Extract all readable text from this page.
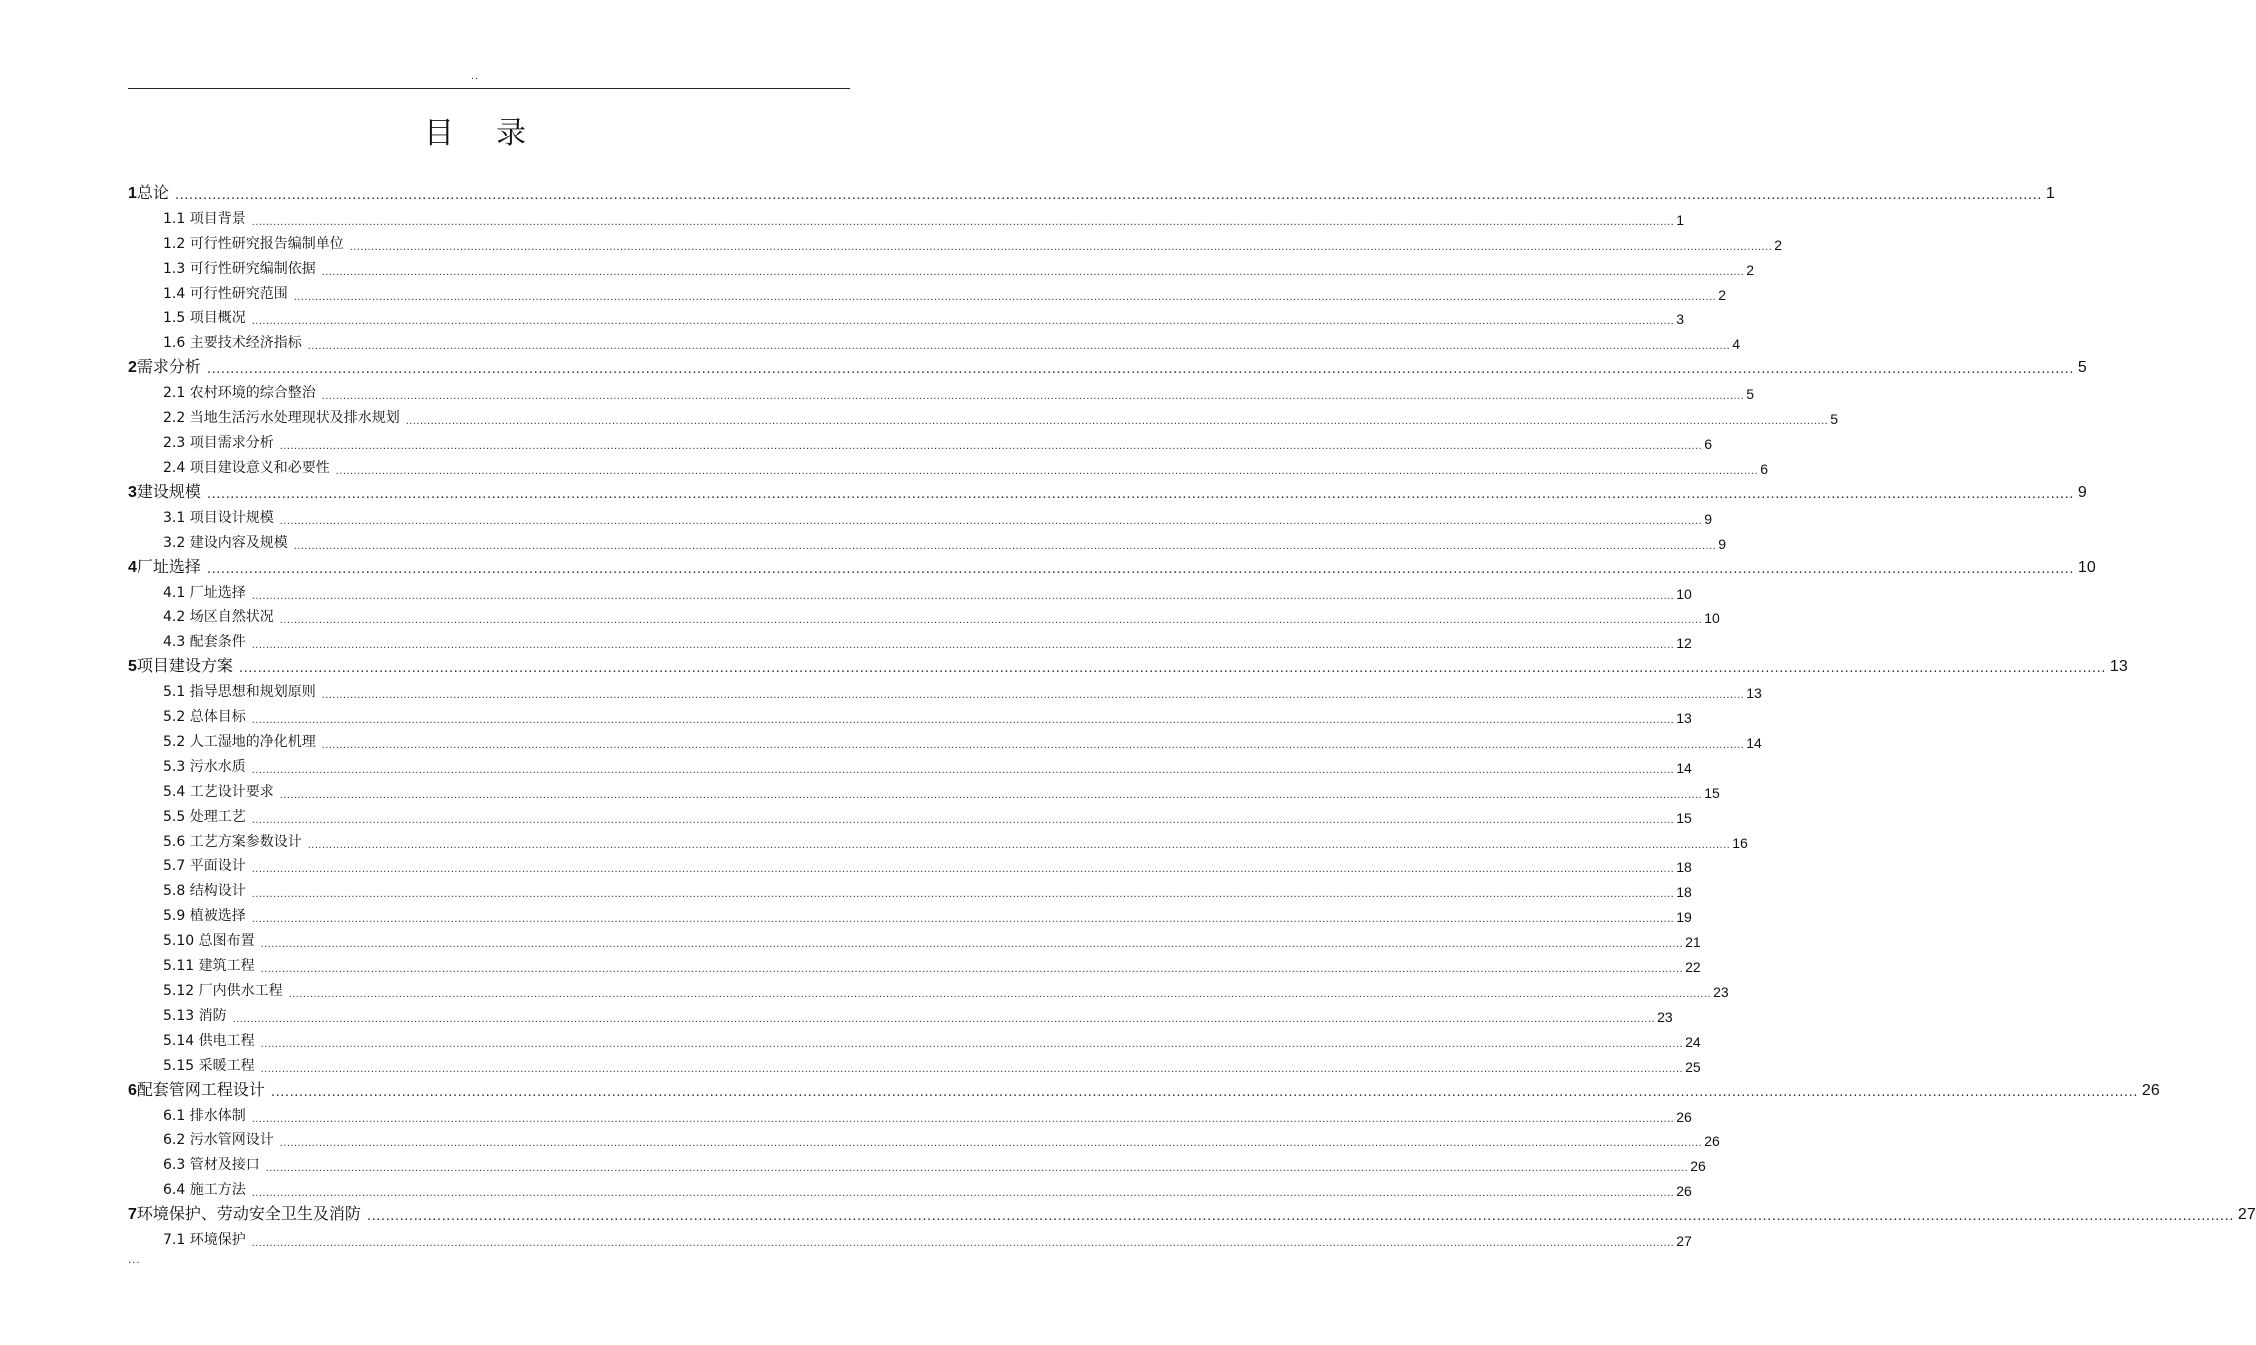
..
目录
1 总论 ................................................................................................................................................................................................................................................................................................................................................................................................................ 1
1.1 项目背景 ................................................................................................................................................................................................................................................................................................................................................................................................................ 1
1.2 可行性研究报告编制单位 ................................................................................................................................................................................................................................................................................................................................................................................................................ 2
1.3 可行性研究编制依据 ................................................................................................................................................................................................................................................................................................................................................................................................................ 2
1.4 可行性研究范围 ................................................................................................................................................................................................................................................................................................................................................................................................................ 2
1.5 项目概况 ................................................................................................................................................................................................................................................................................................................................................................................................................ 3
1.6 主要技术经济指标 ................................................................................................................................................................................................................................................................................................................................................................................................................ 4
2 需求分析 ................................................................................................................................................................................................................................................................................................................................................................................................................ 5
2.1 农村环境的综合整治 ................................................................................................................................................................................................................................................................................................................................................................................................................ 5
2.2 当地生活污水处理现状及排水规划 ................................................................................................................................................................................................................................................................................................................................................................................................................ 5
2.3 项目需求分析 ................................................................................................................................................................................................................................................................................................................................................................................................................ 6
2.4 项目建设意义和必要性 ................................................................................................................................................................................................................................................................................................................................................................................................................ 6
3 建设规模 ................................................................................................................................................................................................................................................................................................................................................................................................................ 9
3.1 项目设计规模 ................................................................................................................................................................................................................................................................................................................................................................................................................ 9
3.2 建设内容及规模 ................................................................................................................................................................................................................................................................................................................................................................................................................ 9
4 厂址选择 ................................................................................................................................................................................................................................................................................................................................................................................................................ 10
4.1 厂址选择 ................................................................................................................................................................................................................................................................................................................................................................................................................ 10
4.2 场区自然状况 ................................................................................................................................................................................................................................................................................................................................................................................................................ 10
4.3 配套条件 ................................................................................................................................................................................................................................................................................................................................................................................................................ 12
5 项目建设方案 ................................................................................................................................................................................................................................................................................................................................................................................................................ 13
5.1 指导思想和规划原则 ................................................................................................................................................................................................................................................................................................................................................................................................................ 13
5.2 总体目标 ................................................................................................................................................................................................................................................................................................................................................................................................................ 13
5.2 人工湿地的净化机理 ................................................................................................................................................................................................................................................................................................................................................................................................................ 14
5.3 污水水质 ................................................................................................................................................................................................................................................................................................................................................................................................................ 14
5.4 工艺设计要求 ................................................................................................................................................................................................................................................................................................................................................................................................................ 15
5.5 处理工艺 ................................................................................................................................................................................................................................................................................................................................................................................................................ 15
5.6 工艺方案参数设计 ................................................................................................................................................................................................................................................................................................................................................................................................................ 16
5.7 平面设计 ................................................................................................................................................................................................................................................................................................................................................................................................................ 18
5.8 结构设计 ................................................................................................................................................................................................................................................................................................................................................................................................................ 18
5.9 植被选择 ................................................................................................................................................................................................................................................................................................................................................................................................................ 19
5.10 总图布置 ................................................................................................................................................................................................................................................................................................................................................................................................................ 21
5.11 建筑工程 ................................................................................................................................................................................................................................................................................................................................................................................................................ 22
5.12 厂内供水工程 ................................................................................................................................................................................................................................................................................................................................................................................................................ 23
5.13 消防 ................................................................................................................................................................................................................................................................................................................................................................................................................ 23
5.14 供电工程 ................................................................................................................................................................................................................................................................................................................................................................................................................ 24
5.15 采暖工程 ................................................................................................................................................................................................................................................................................................................................................................................................................ 25
6 配套管网工程设计 ................................................................................................................................................................................................................................................................................................................................................................................................................ 26
6.1 排水体制 ................................................................................................................................................................................................................................................................................................................................................................................................................ 26
6.2 污水管网设计 ................................................................................................................................................................................................................................................................................................................................................................................................................ 26
6.3 管材及接口 ................................................................................................................................................................................................................................................................................................................................................................................................................ 26
6.4 施工方法 ................................................................................................................................................................................................................................................................................................................................................................................................................ 26
7 环境保护、劳动安全卫生及消防 ................................................................................................................................................................................................................................................................................................................................................................................................................ 27
7.1 环境保护 ................................................................................................................................................................................................................................................................................................................................................................................................................ 27
...
